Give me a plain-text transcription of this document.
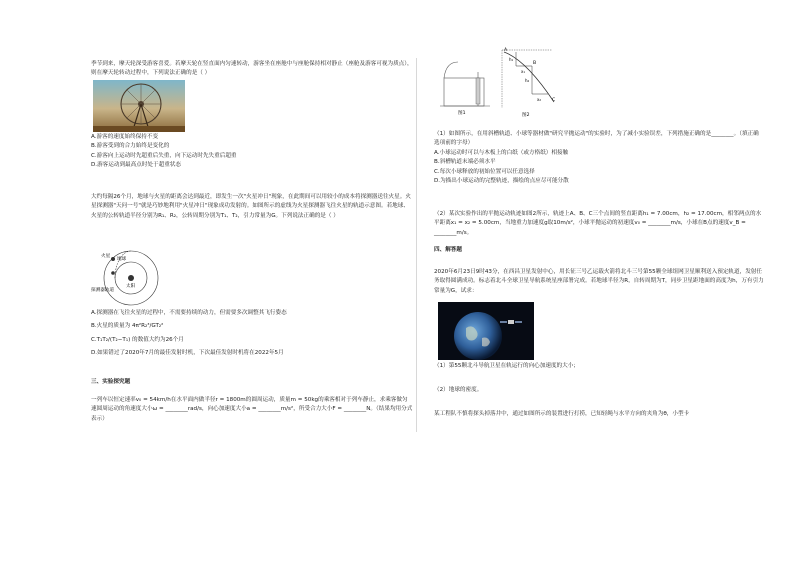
季节到来，摩天轮深受游客喜爱。若摩天轮在竖直面内匀速转动，游客坐在座舱中与座舱保持相对静止（座舱及游客可视为质点），则在摩天轮转动过程中，下列说法正确的是（ ）

A.游客的速度始终保持不变

B.游客受到的合力始终是变化的

C.游客向上运动时先超重后失重，向下运动时先失重后超重

D.游客运动到最高点时处于超重状态

大约每隔26个月，地球与火星的距离会达到最近，即发生一次"火星冲日"现象，在此期间可以用较小的成本将探测器送往火星。火星探测器"天问一号"就是巧妙地利用"火星冲日"现象成功发射的。如图所示的虚线为火星探测器飞往火星的轨道示意图。若地球、火星的公转轨道半径分别为R₁、R₂，公转周期分别为T₁、T₂，引力常量为G。下列说法正确的是（ ）

火星
地球
太阳
探测器轨道

A.探测器在飞往火星的过程中，不需要持续的动力，但需要多次调整其飞行姿态

B.火星的质量为 4π²R₂³/GT₂²

C.T₁T₂/(T₂−T₁) 的数值大约为26个月

D.如果错过了2020年7月的最佳发射时机，下次最佳发射时机将在2022年5月

三、实验探究题

一列车以恒定速率v₀ = 54km/h在水平面内做半径r = 1800m的圆周运动，质量m = 50kg的乘客相对于列车静止，求乘客做匀速圆周运动的角速度大小ω = ________rad/s，向心加速度大小a = ________m/s²，所受合力大小F = ________N。（结果均用分式表示）

图1
A
B
C
h₁
h₂
x₁
x₂
图2

（1）如图所示，在用斜槽轨道、小球等器材做"研究平抛运动"的实验时，为了减小实验误差，下列措施正确的是________。（填正确选项前的字母）

A.小球运动时可以与木板上的白纸（或方格纸）相接触

B.斜槽轨道末端必须水平

C.每次小球释放的初始位置可以任意选择

D.为描出小球运动的完整轨迹，描绘的点应尽可能分散

（2）某次实验作出的平抛运动轨迹如图2所示，轨迹上A、B、C三个点间的竖直距离h₁ = 7.00cm，h₂ = 17.00cm，相邻两点的水平距离x₁ = x₂ = 5.00cm，当地重力加速度g取10m/s²，小球平抛运动的初速度v₀ = ________m/s，小球在B点的速度v_B = ________m/s。

四、解答题

2020年6月23日9时43分，在西昌卫星发射中心，用长征三号乙运载火箭将北斗三号第55颗全球组网卫星顺利送入预定轨道，发射任务取得圆满成功。标志着北斗全球卫星导航系统星座部署完成。若地球半径为R，自转周期为T，同步卫星距地面的高度为h，万有引力常量为G，试求：

（1）第55颗北斗导航卫星在轨运行的向心加速度的大小；

（2）地球的密度。

某工程队不慎将探头掉落井中，通过如图所示的装置进行打捞，已知轻绳与水平方向的夹角为θ，小型卡
